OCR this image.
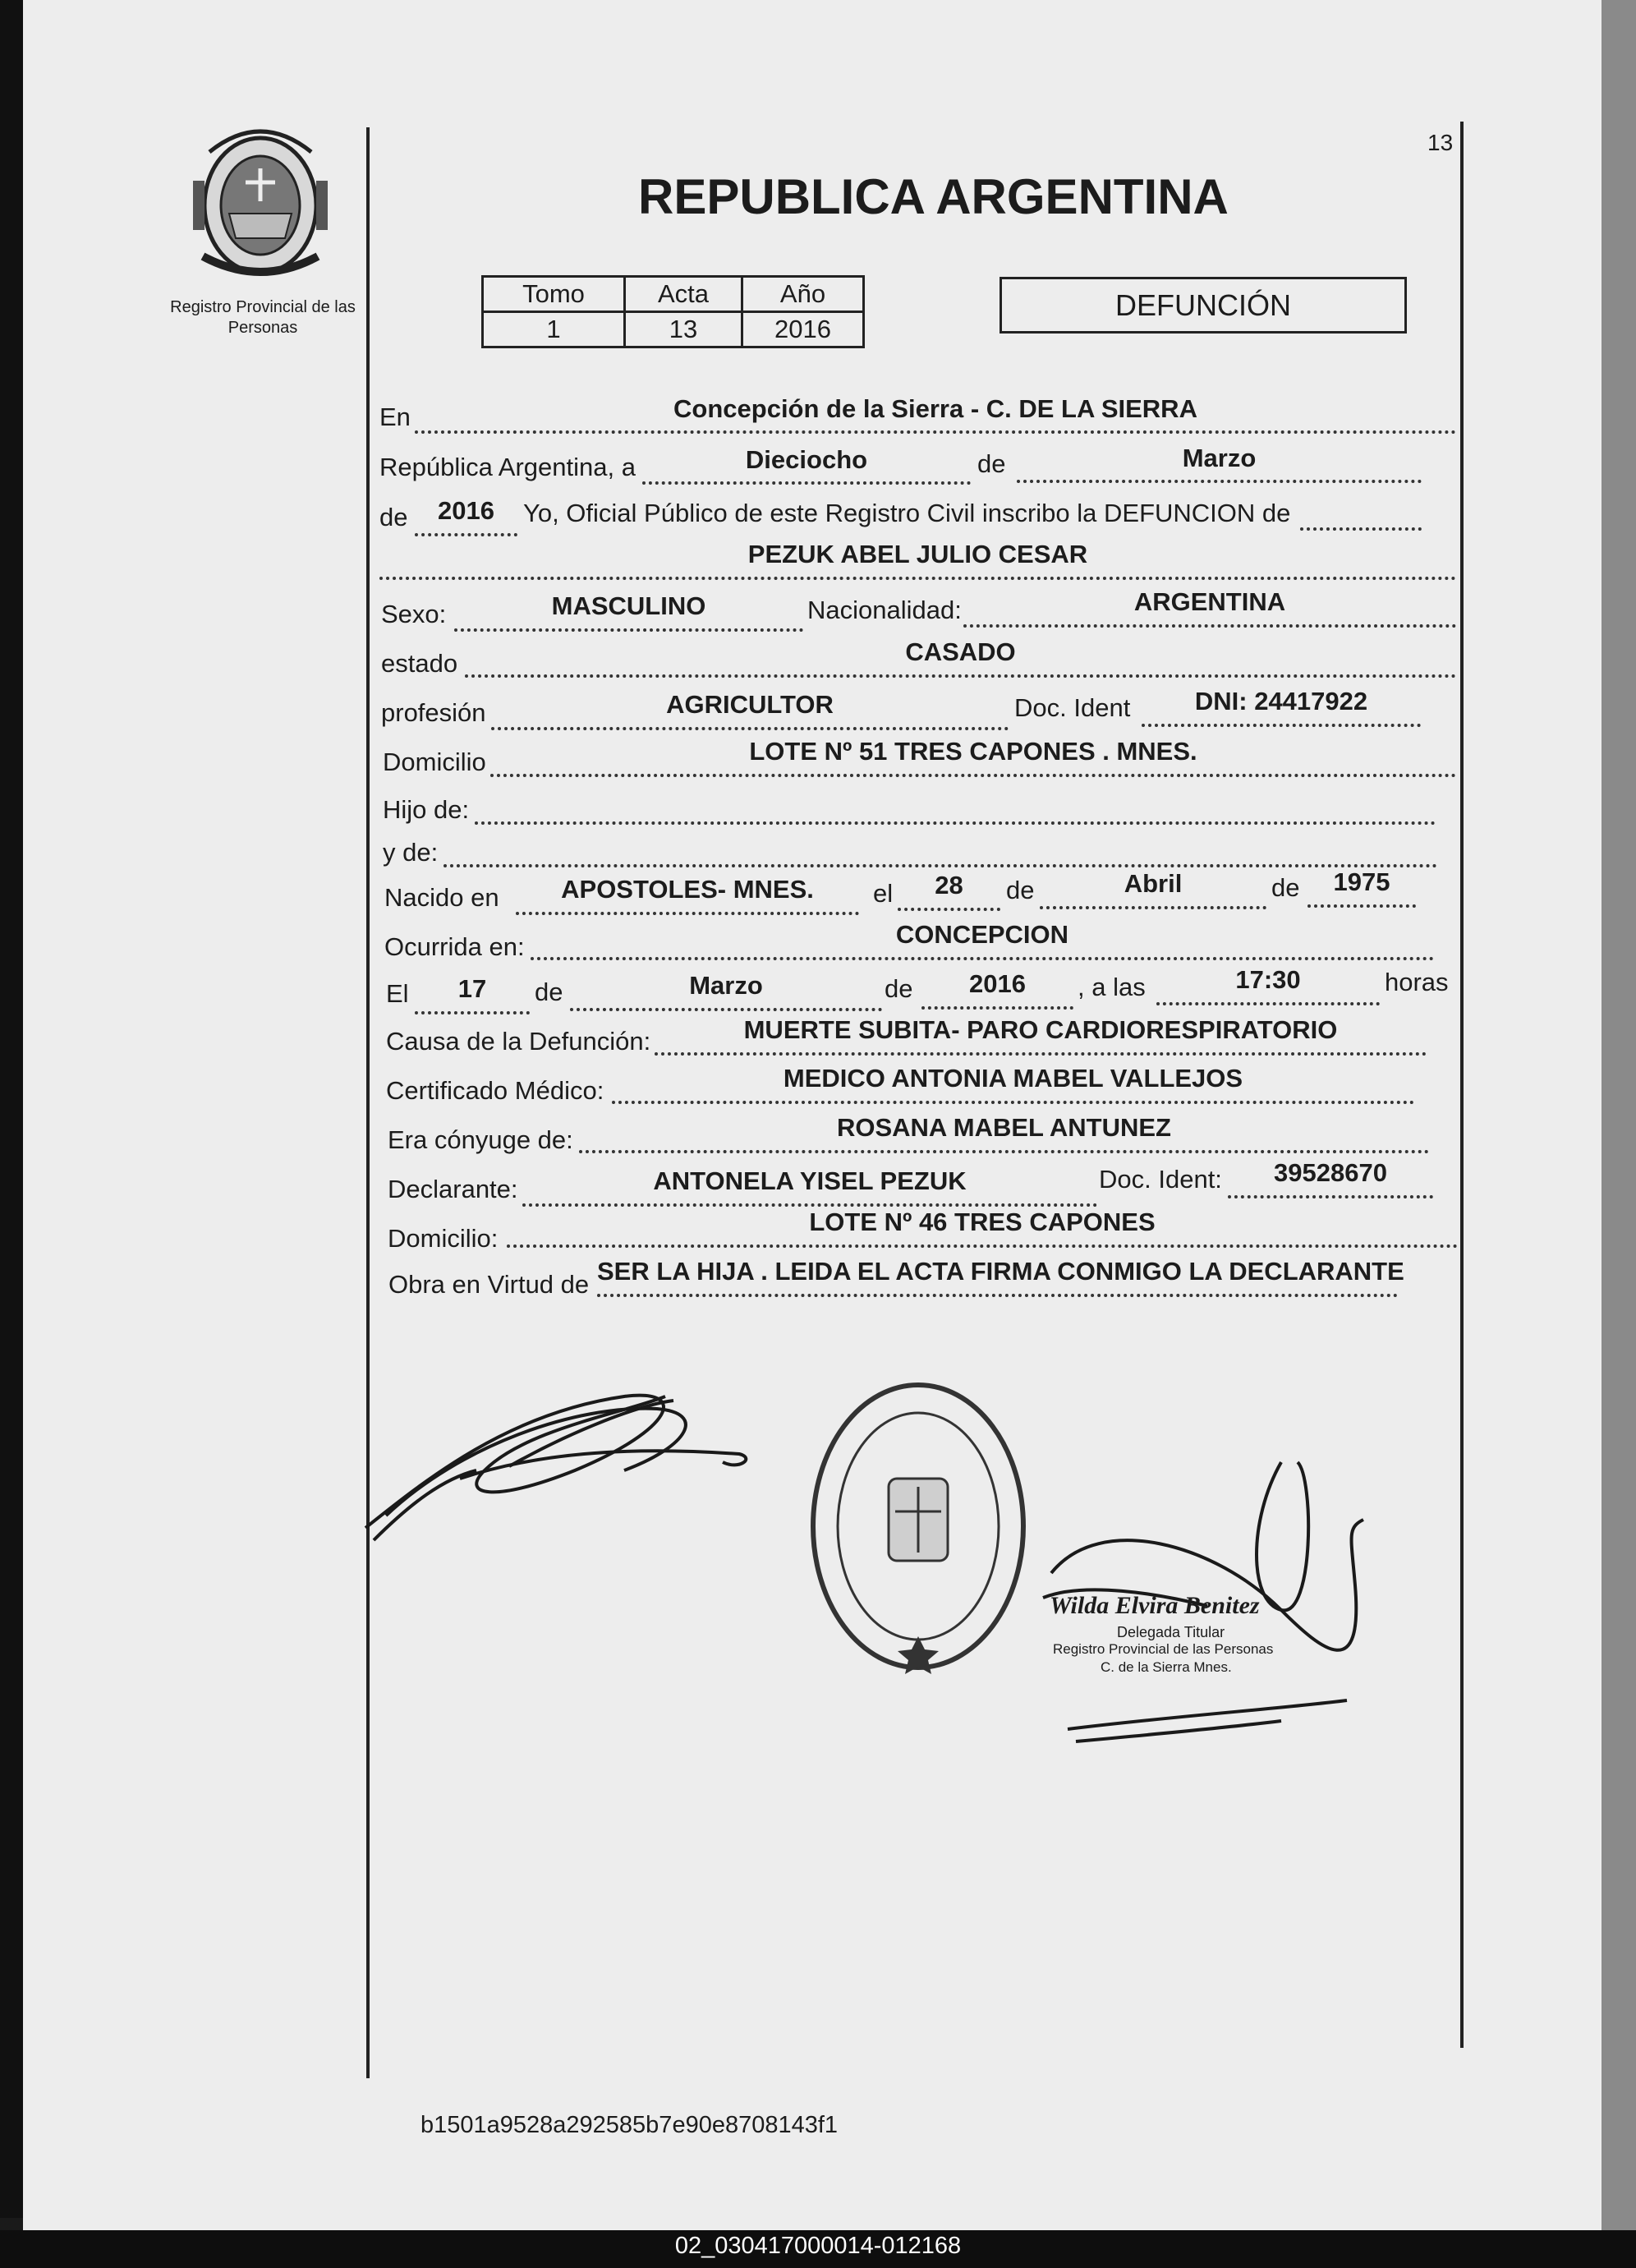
02_030417000014-012168
13
Registro Provincial de las Personas
REPUBLICA ARGENTINA
Tomo	Acta	Año
1	13	2016
DEFUNCIÓN
En	Concepción de la Sierra - C. DE LA SIERRA
República Argentina, a	Dieciocho	de	Marzo
de	2016	Yo, Oficial Público de este Registro Civil inscribo la DEFUNCION de
PEZUK ABEL JULIO CESAR
Sexo:	MASCULINO	Nacionalidad:	ARGENTINA
estado	CASADO
profesión	AGRICULTOR	Doc. Ident	DNI: 24417922
Domicilio	LOTE Nº 51 TRES CAPONES . MNES.
Hijo de:
y de:
Nacido en	APOSTOLES- MNES.	el	28	de	Abril	de	1975
Ocurrida en:	CONCEPCION
El	17	de	Marzo	de	2016	, a las	17:30	horas
Causa de la Defunción:	MUERTE SUBITA- PARO CARDIORESPIRATORIO
Certificado Médico:	MEDICO ANTONIA MABEL VALLEJOS
Era cónyuge de:	ROSANA MABEL ANTUNEZ
Declarante:	ANTONELA YISEL PEZUK	Doc. Ident:	39528670
Domicilio:
LOTE Nº 46 TRES CAPONES
Obra en Virtud de SER LA HIJA . LEIDA EL ACTA FIRMA CONMIGO LA DECLARANTE
Wilda Elvira Benitez
Delegada Titular
Registro Provincial de las Personas
C. de la Sierra Mnes.
b1501a9528a292585b7e90e8708143f1
